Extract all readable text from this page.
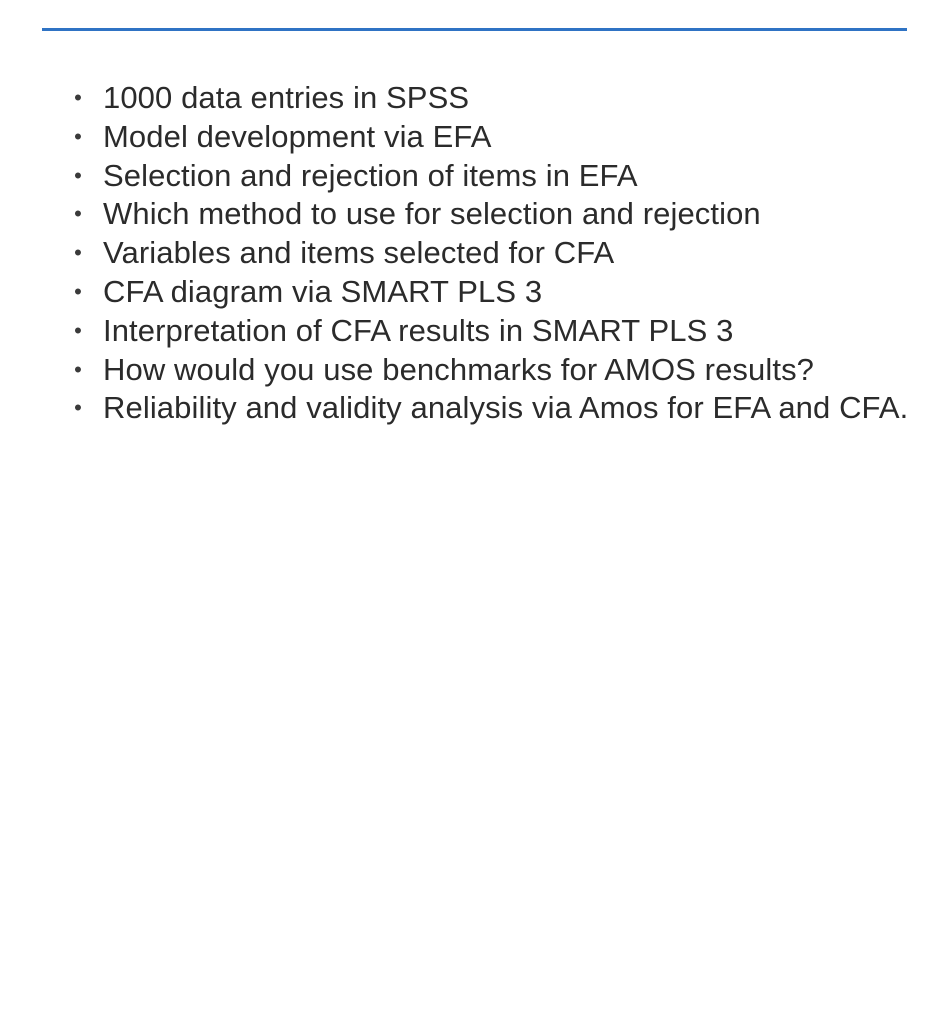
• 1000 data entries in SPSS
• Model development via EFA
• Selection and rejection of items in EFA
• Which method to use for selection and rejection
• Variables and items selected for CFA
• CFA diagram via SMART PLS 3
• Interpretation of CFA results in SMART PLS 3
• How would you use benchmarks for AMOS results?
• Reliability and validity analysis via Amos for EFA and CFA.
